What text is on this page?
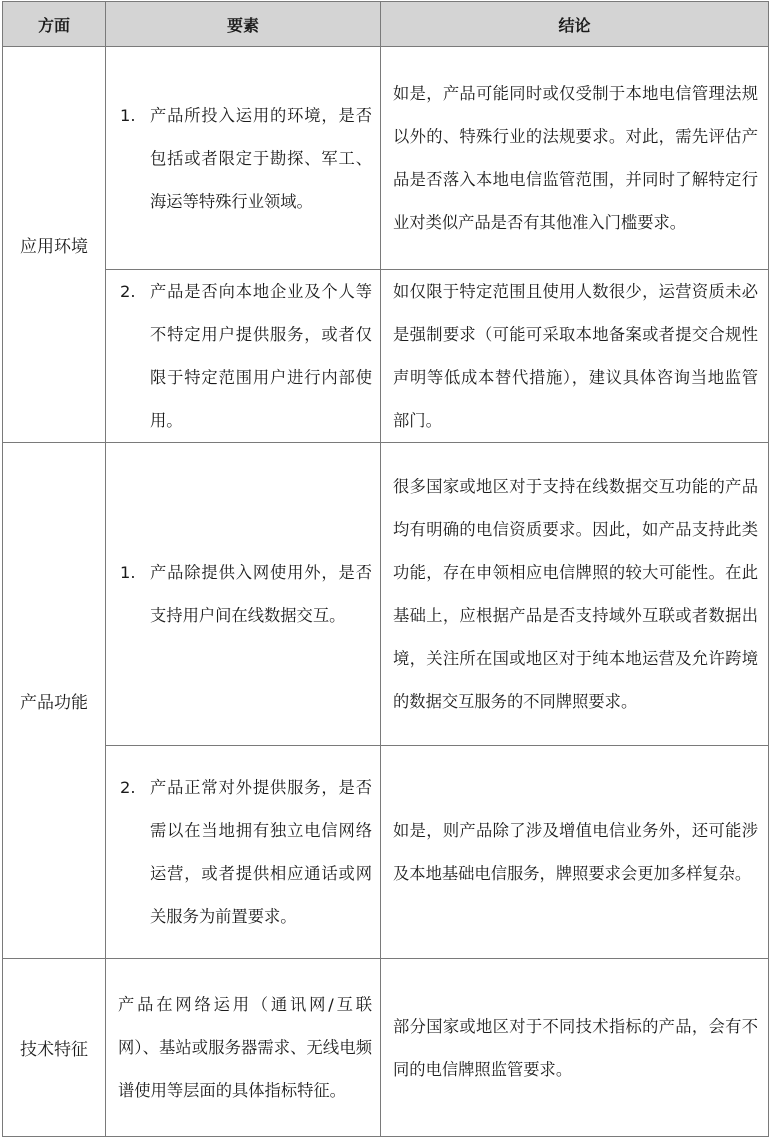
方面	要素	结论
应用环境	1. 产品所投入运用的环境，是否包括或者限定于勘探、军工、海运等特殊行业领域。	如是，产品可能同时或仅受制于本地电信管理法规以外的、特殊行业的法规要求。对此，需先评估产品是否落入本地电信监管范围，并同时了解特定行业对类似产品是否有其他准入门槛要求。

	2. 产品是否向本地企业及个人等不特定用户提供服务，或者仅限于特定范围用户进行内部使用。	如仅限于特定范围且使用人数很少，运营资质未必是强制要求（可能可采取本地备案或者提交合规性声明等低成本替代措施），建议具体咨询当地监管部门。

产品功能	1. 产品除提供入网使用外，是否支持用户间在线数据交互。	很多国家或地区对于支持在线数据交互功能的产品均有明确的电信资质要求。因此，如产品支持此类功能，存在申领相应电信牌照的较大可能性。在此基础上，应根据产品是否支持域外互联或者数据出境，关注所在国或地区对于纯本地运营及允许跨境的数据交互服务的不同牌照要求。

	2. 产品正常对外提供服务，是否需以在当地拥有独立电信网络运营，或者提供相应通话或网关服务为前置要求。	如是，则产品除了涉及增值电信业务外，还可能涉及本地基础电信服务，牌照要求会更加多样复杂。

技术特征	产品在网络运用（通讯网/互联网）、基站或服务器需求、无线电频谱使用等层面的具体指标特征。	部分国家或地区对于不同技术指标的产品，会有不同的电信牌照监管要求。
